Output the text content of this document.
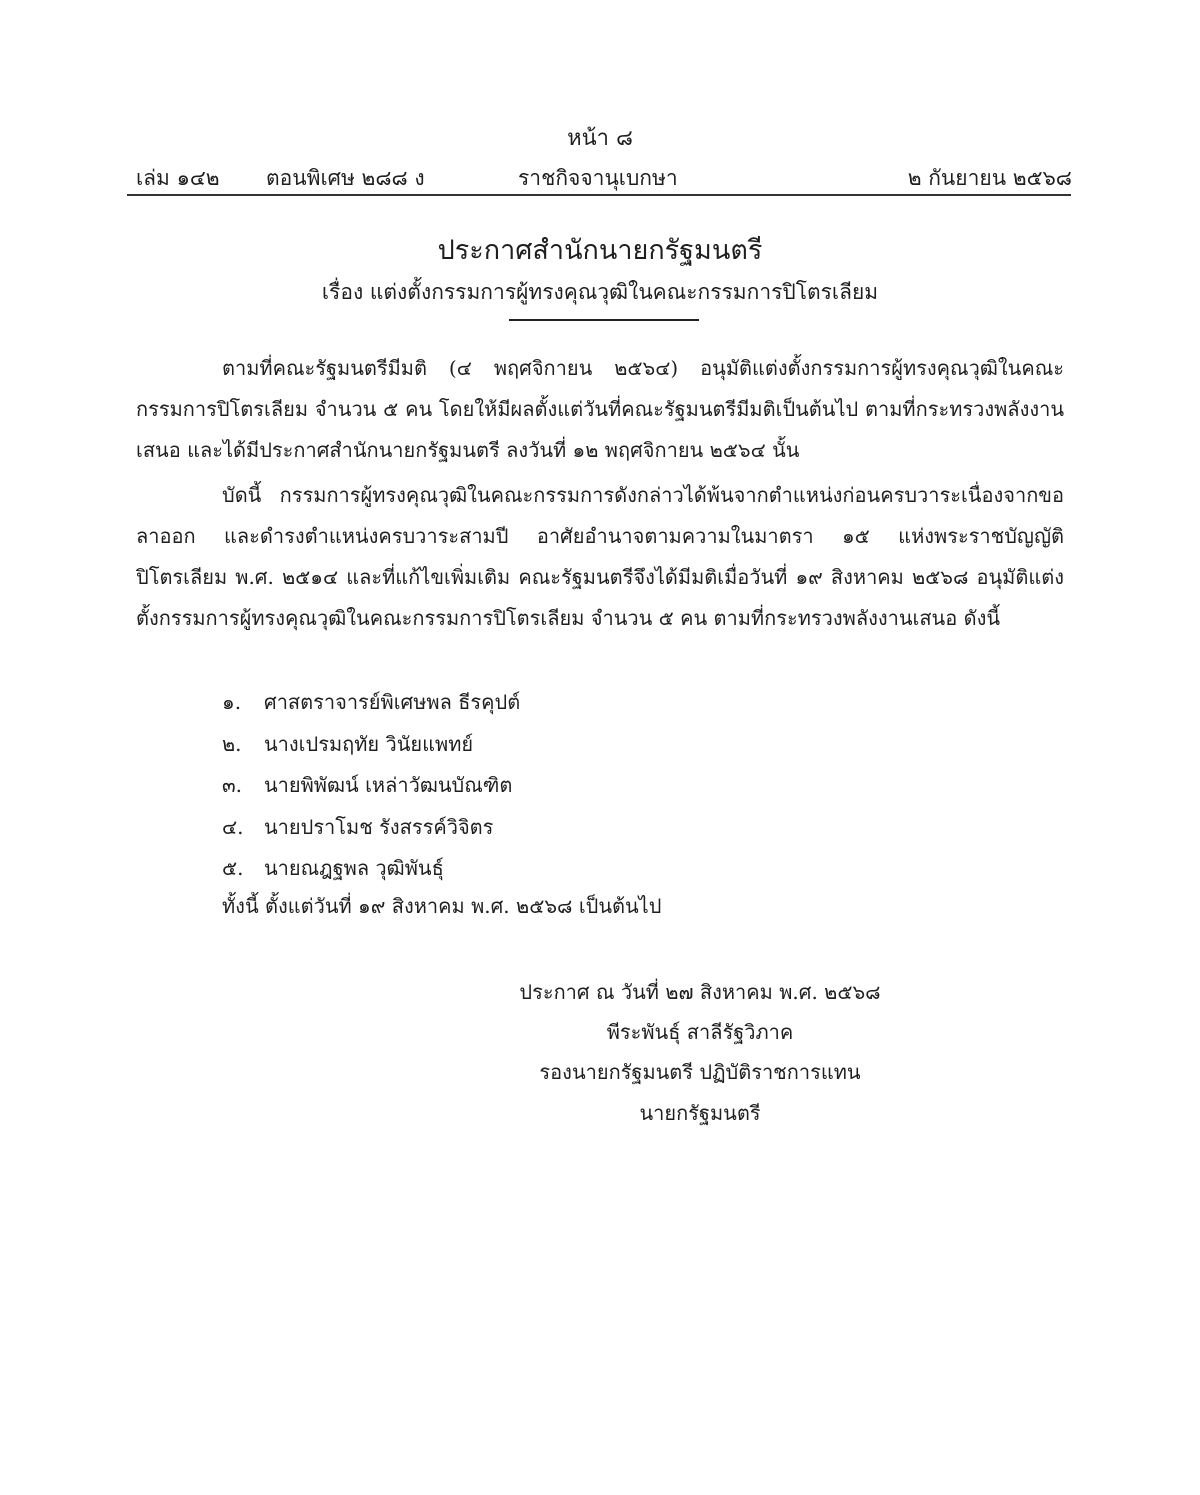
หน้า ๘
เล่ม ๑๔๒ ตอนพิเศษ ๒๘๘ ง	ราชกิจจานุเบกษา	๒ กันยายน ๒๕๖๘
ประกาศสำนักนายกรัฐมนตรี
เรื่อง แต่งตั้งกรรมการผู้ทรงคุณวุฒิในคณะกรรมการปิโตรเลียม

ตามที่คณะรัฐมนตรีมีมติ (๔ พฤศจิกายน ๒๕๖๔) อนุมัติแต่งตั้งกรรมการผู้ทรงคุณวุฒิในคณะกรรมการปิโตรเลียม จำนวน ๕ คน โดยให้มีผลตั้งแต่วันที่คณะรัฐมนตรีมีมติเป็นต้นไป ตามที่กระทรวงพลังงานเสนอ และได้มีประกาศสำนักนายกรัฐมนตรี ลงวันที่ ๑๒ พฤศจิกายน ๒๕๖๔ นั้น

บัดนี้ กรรมการผู้ทรงคุณวุฒิในคณะกรรมการดังกล่าวได้พ้นจากตำแหน่งก่อนครบวาระเนื่องจากขอลาออก และดำรงตำแหน่งครบวาระสามปี อาศัยอำนาจตามความในมาตรา ๑๕ แห่งพระราชบัญญัติปิโตรเลียม พ.ศ. ๒๕๑๔ และที่แก้ไขเพิ่มเติม คณะรัฐมนตรีจึงได้มีมติเมื่อวันที่ ๑๙ สิงหาคม ๒๕๖๘ อนุมัติแต่งตั้งกรรมการผู้ทรงคุณวุฒิในคณะกรรมการปิโตรเลียม จำนวน ๕ คน ตามที่กระทรวงพลังงานเสนอ ดังนี้

๑. ศาสตราจารย์พิเศษพล ธีรคุปต์
๒. นางเปรมฤทัย วินัยแพทย์
๓. นายพิพัฒน์ เหล่าวัฒนบัณฑิต
๔. นายปราโมช รังสรรค์วิจิตร
๕. นายณฎฐพล วุฒิพันธุ์
ทั้งนี้ ตั้งแต่วันที่ ๑๙ สิงหาคม พ.ศ. ๒๕๖๘ เป็นต้นไป
ประกาศ ณ วันที่ ๒๗ สิงหาคม พ.ศ. ๒๕๖๘
พีระพันธุ์ สาลีรัฐวิภาค
รองนายกรัฐมนตรี ปฏิบัติราชการแทน
นายกรัฐมนตรี
